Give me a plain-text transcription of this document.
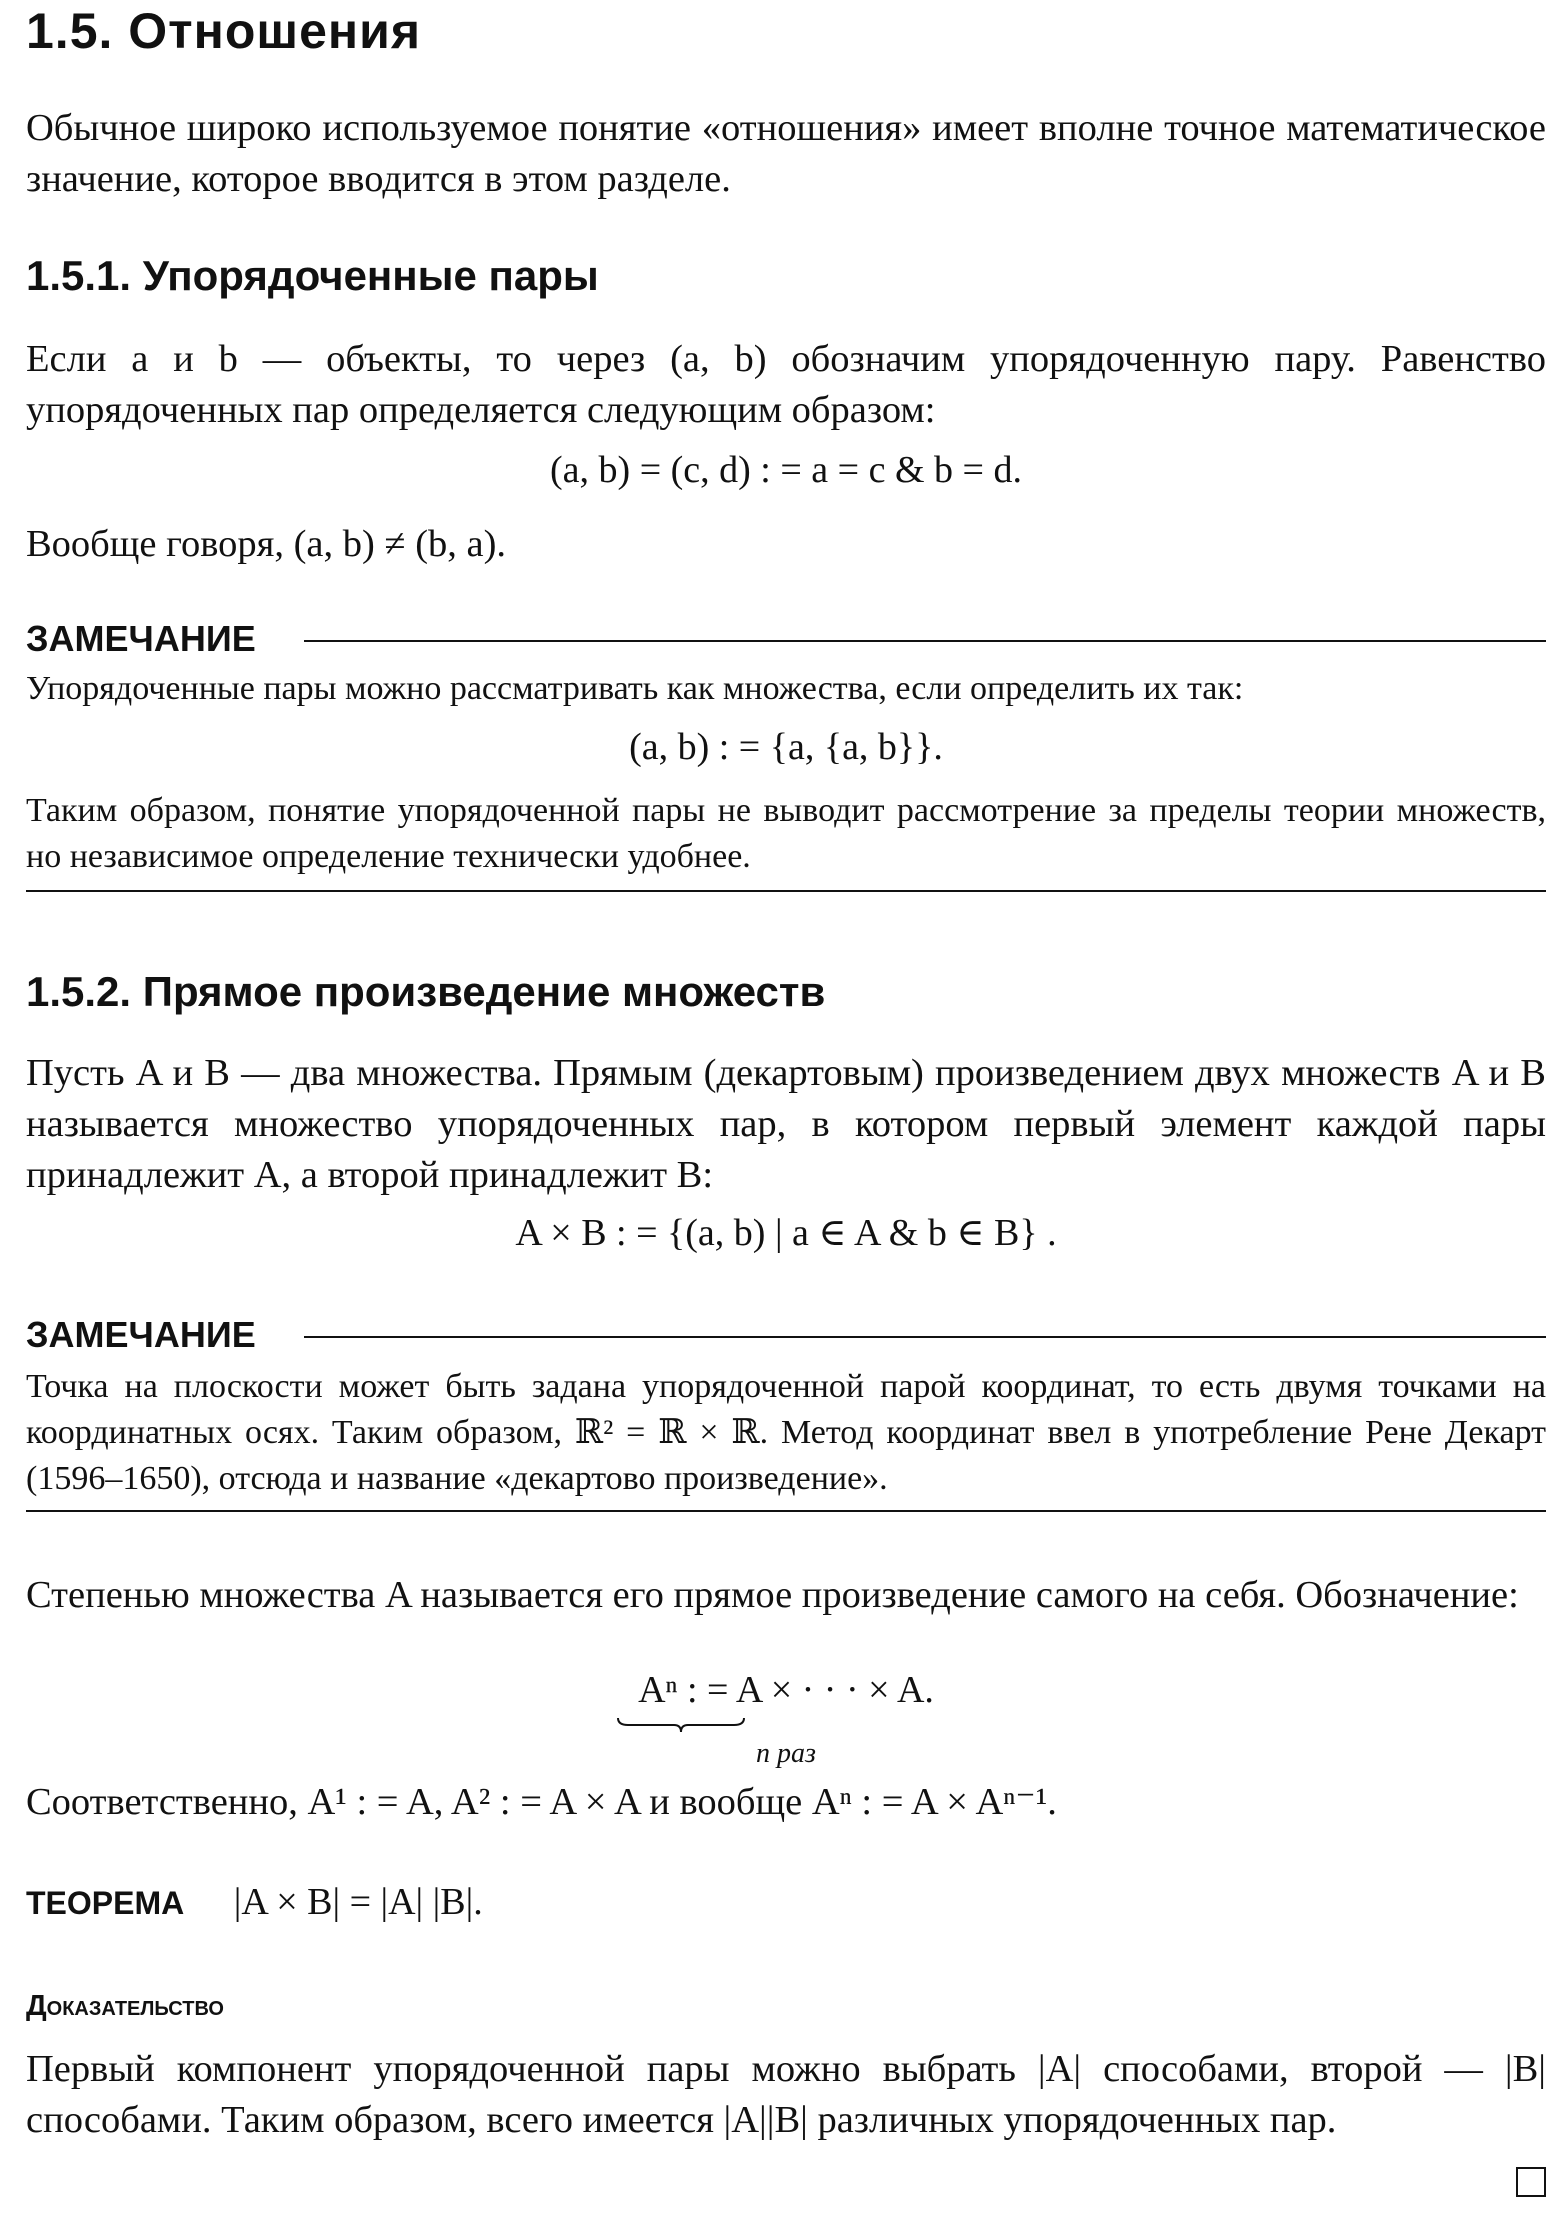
1.5. Отношения

Обычное широко используемое понятие «отношения» имеет вполне точное математическое значение, которое вводится в этом разделе.

1.5.1. Упорядоченные пары

Если a и b — объекты, то через (a, b) обозначим упорядоченную пару. Равенство упорядоченных пар определяется следующим образом:

(a, b) = (c, d) : = a = c & b = d.

Вообще говоря, (a, b) ≠ (b, a).

ЗАМЕЧАНИЕ

Упорядоченные пары можно рассматривать как множества, если определить их так:

(a, b) : = {a, {a, b}}.

Таким образом, понятие упорядоченной пары не выводит рассмотрение за пределы теории множеств, но независимое определение технически удобнее.

1.5.2. Прямое произведение множеств

Пусть A и B — два множества. Прямым (декартовым) произведением двух множеств A и B называется множество упорядоченных пар, в котором первый элемент каждой пары принадлежит A, а второй принадлежит B:

A × B : = {(a, b) | a ∈ A & b ∈ B} .

ЗАМЕЧАНИЕ

Точка на плоскости может быть задана упорядоченной парой координат, то есть двумя точками на координатных осях. Таким образом, ℝ² = ℝ × ℝ. Метод координат ввел в употребление Рене Декарт (1596–1650), отсюда и название «декартово произведение».

Степенью множества A называется его прямое произведение самого на себя. Обозначение:

Aⁿ : = A × · · · × A.

n раз

Соответственно, A¹ : = A, A² : = A × A и вообще Aⁿ : = A × Aⁿ⁻¹.

ТЕОРЕМА |A × B| = |A| |B|.
Доказательство

Первый компонент упорядоченной пары можно выбрать |A| способами, второй — |B| способами. Таким образом, всего имеется |A||B| различных упорядоченных пар.
